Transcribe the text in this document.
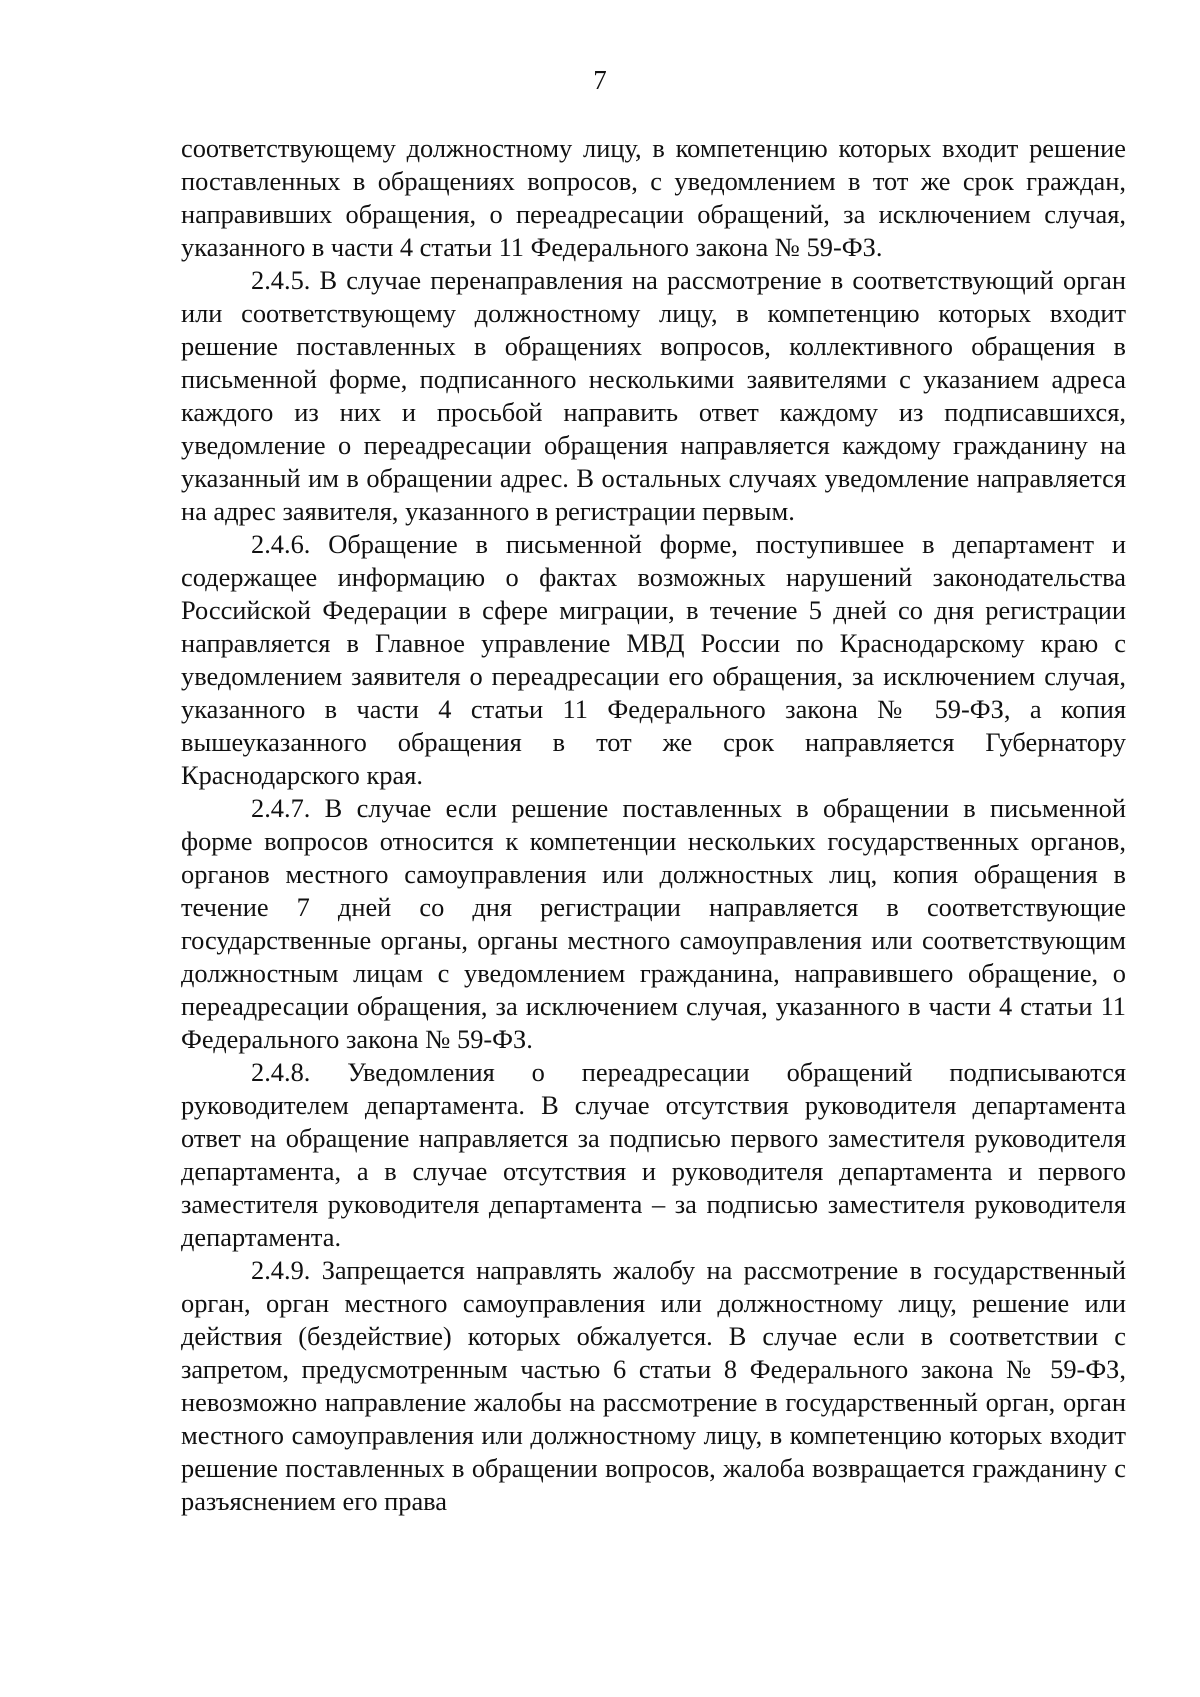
7

соответствующему должностному лицу, в компетенцию которых входит решение поставленных в обращениях вопросов, с уведомлением в тот же срок граждан, направивших обращения, о переадресации обращений, за исключением случая, указанного в части 4 статьи 11 Федерального закона № 59-ФЗ.

2.4.5. В случае перенаправления на рассмотрение в соответствующий орган или соответствующему должностному лицу, в компетенцию которых входит решение поставленных в обращениях вопросов, коллективного обращения в письменной форме, подписанного несколькими заявителями с указанием адреса каждого из них и просьбой направить ответ каждому из подписавшихся, уведомление о переадресации обращения направляется каждому гражданину на указанный им в обращении адрес. В остальных случаях уведомление направляется на адрес заявителя, указанного в регистрации первым.

2.4.6. Обращение в письменной форме, поступившее в департамент и содержащее информацию о фактах возможных нарушений законодательства Российской Федерации в сфере миграции, в течение 5 дней со дня регистрации направляется в Главное управление МВД России по Краснодарскому краю с уведомлением заявителя о переадресации его обращения, за исключением случая, указанного в части 4 статьи 11 Федерального закона № 59-ФЗ, а копия вышеуказанного обращения в тот же срок направляется Губернатору Краснодарского края.

2.4.7. В случае если решение поставленных в обращении в письменной форме вопросов относится к компетенции нескольких государственных органов, органов местного самоуправления или должностных лиц, копия обращения в течение 7 дней со дня регистрации направляется в соответствующие государственные органы, органы местного самоуправления или соответствующим должностным лицам с уведомлением гражданина, направившего обращение, о переадресации обращения, за исключением случая, указанного в части 4 статьи 11 Федерального закона № 59-ФЗ.

2.4.8. Уведомления о переадресации обращений подписываются руководителем департамента. В случае отсутствия руководителя департамента ответ на обращение направляется за подписью первого заместителя руководителя департамента, а в случае отсутствия и руководителя департамента и первого заместителя руководителя департамента – за подписью заместителя руководителя департамента.

2.4.9. Запрещается направлять жалобу на рассмотрение в государственный орган, орган местного самоуправления или должностному лицу, решение или действия (бездействие) которых обжалуется. В случае если в соответствии с запретом, предусмотренным частью 6 статьи 8 Федерального закона № 59-ФЗ, невозможно направление жалобы на рассмотрение в государственный орган, орган местного самоуправления или должностному лицу, в компетенцию которых входит решение поставленных в обращении вопросов, жалоба возвращается гражданину с разъяснением его права
